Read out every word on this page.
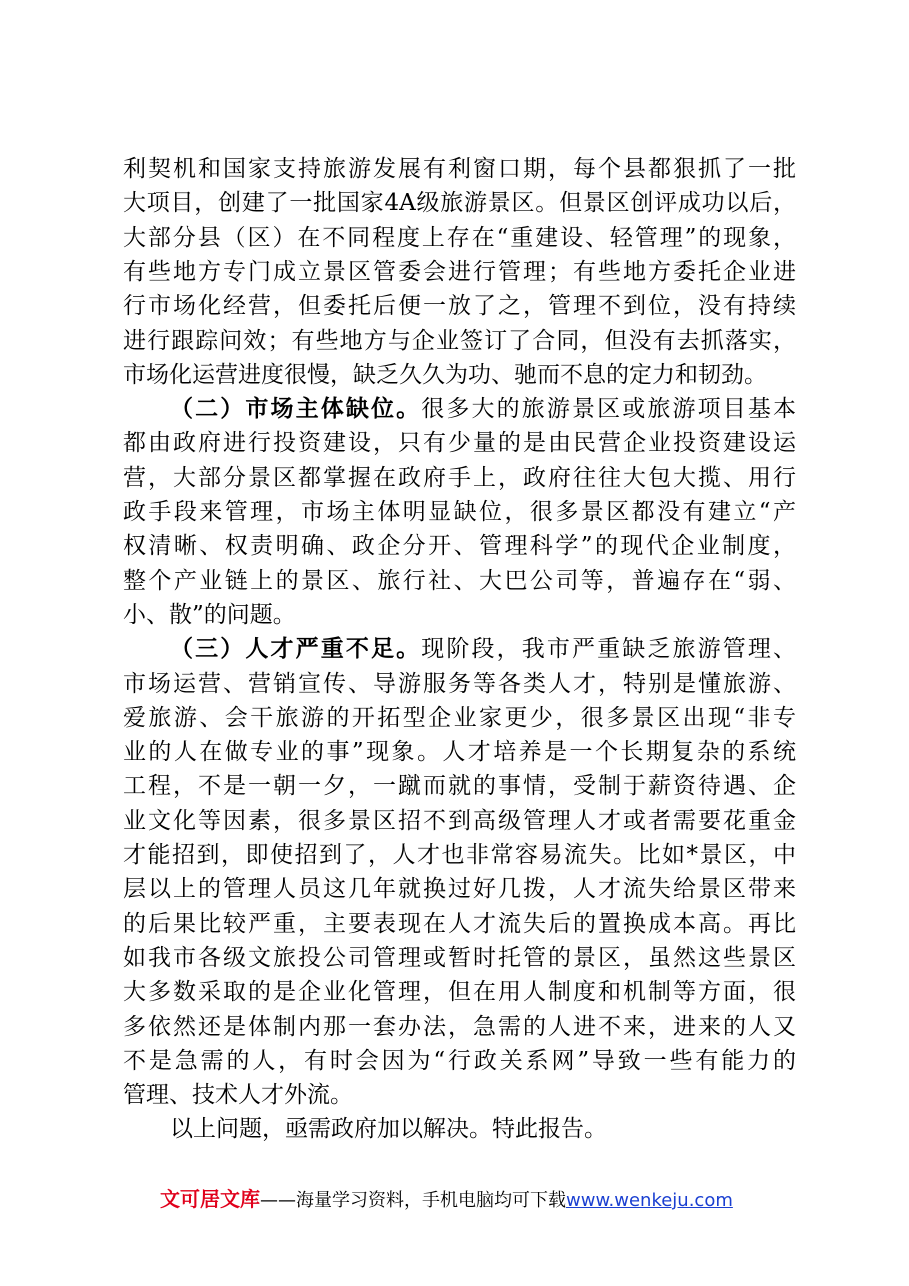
利契机和国家支持旅游发展有利窗口期，每个县都狠抓了一批
大项目，创建了一批国家4A级旅游景区。但景区创评成功以后，
大部分县（区）在不同程度上存在“重建设、轻管理”的现象，
有些地方专门成立景区管委会进行管理；有些地方委托企业进
行市场化经营，但委托后便一放了之，管理不到位，没有持续
进行跟踪问效；有些地方与企业签订了合同，但没有去抓落实，
市场化运营进度很慢，缺乏久久为功、驰而不息的定力和韧劲。
（二）市场主体缺位。很多大的旅游景区或旅游项目基本
都由政府进行投资建设，只有少量的是由民营企业投资建设运
营，大部分景区都掌握在政府手上，政府往往大包大揽、用行
政手段来管理，市场主体明显缺位，很多景区都没有建立“产
权清晰、权责明确、政企分开、管理科学”的现代企业制度，
整个产业链上的景区、旅行社、大巴公司等，普遍存在“弱、
小、散”的问题。
（三）人才严重不足。现阶段，我市严重缺乏旅游管理、
市场运营、营销宣传、导游服务等各类人才，特别是懂旅游、
爱旅游、会干旅游的开拓型企业家更少，很多景区出现“非专
业的人在做专业的事”现象。人才培养是一个长期复杂的系统
工程，不是一朝一夕，一蹴而就的事情，受制于薪资待遇、企
业文化等因素，很多景区招不到高级管理人才或者需要花重金
才能招到，即使招到了，人才也非常容易流失。比如*景区，中
层以上的管理人员这几年就换过好几拨，人才流失给景区带来
的后果比较严重，主要表现在人才流失后的置换成本高。再比
如我市各级文旅投公司管理或暂时托管的景区，虽然这些景区
大多数采取的是企业化管理，但在用人制度和机制等方面，很
多依然还是体制内那一套办法，急需的人进不来，进来的人又
不是急需的人，有时会因为“行政关系网”导致一些有能力的
管理、技术人才外流。
以上问题，亟需政府加以解决。特此报告。
文可居文库——海量学习资料，手机电脑均可下载www.wenkeju.com
